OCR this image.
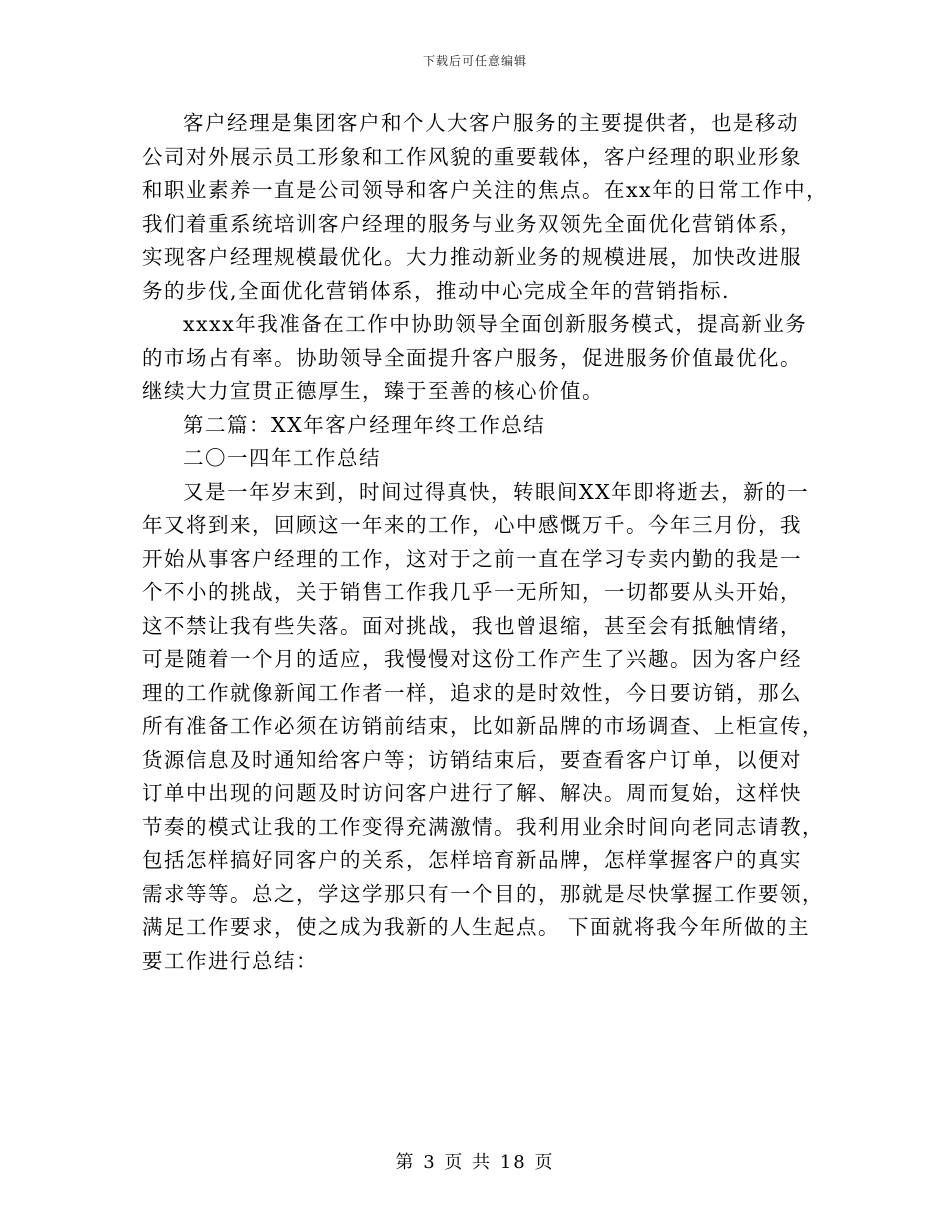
下载后可任意编辑
客户经理是集团客户和个人大客户服务的主要提供者，也是移动
公司对外展示员工形象和工作风貌的重要载体，客户经理的职业形象
和职业素养一直是公司领导和客户关注的焦点。在xx年的日常工作中，
我们着重系统培训客户经理的服务与业务双领先全面优化营销体系，
实现客户经理规模最优化。大力推动新业务的规模进展，加快改进服
务的步伐,全面优化营销体系，推动中心完成全年的营销指标.
xxxx年我准备在工作中协助领导全面创新服务模式，提高新业务
的市场占有率。协助领导全面提升客户服务，促进服务价值最优化。
继续大力宣贯正德厚生，臻于至善的核心价值。
第二篇：XX年客户经理年终工作总结
二〇一四年工作总结
又是一年岁末到，时间过得真快，转眼间XX年即将逝去，新的一
年又将到来，回顾这一年来的工作，心中感慨万千。今年三月份，我
开始从事客户经理的工作，这对于之前一直在学习专卖内勤的我是一
个不小的挑战，关于销售工作我几乎一无所知，一切都要从头开始，
这不禁让我有些失落。面对挑战，我也曾退缩，甚至会有抵触情绪，
可是随着一个月的适应，我慢慢对这份工作产生了兴趣。因为客户经
理的工作就像新闻工作者一样，追求的是时效性，今日要访销，那么
所有准备工作必须在访销前结束，比如新品牌的市场调查、上柜宣传，
货源信息及时通知给客户等；访销结束后，要查看客户订单，以便对
订单中出现的问题及时访问客户进行了解、解决。周而复始，这样快
节奏的模式让我的工作变得充满激情。我利用业余时间向老同志请教，
包括怎样搞好同客户的关系，怎样培育新品牌，怎样掌握客户的真实
需求等等。总之，学这学那只有一个目的，那就是尽快掌握工作要领，
满足工作要求，使之成为我新的人生起点。 下面就将我今年所做的主
要工作进行总结：
第 3 页 共 18 页
